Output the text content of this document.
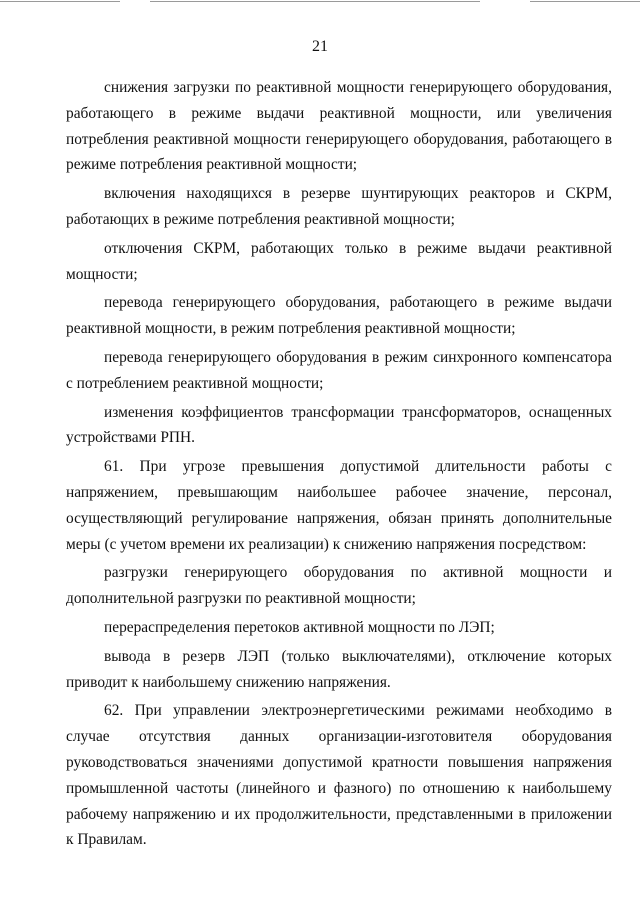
21

снижения загрузки по реактивной мощности генерирующего оборудования, работающего в режиме выдачи реактивной мощности, или увеличения потребления реактивной мощности генерирующего оборудования, работающего в режиме потребления реактивной мощности;

включения находящихся в резерве шунтирующих реакторов и СКРМ, работающих в режиме потребления реактивной мощности;

отключения СКРМ, работающих только в режиме выдачи реактивной мощности;

перевода генерирующего оборудования, работающего в режиме выдачи реактивной мощности, в режим потребления реактивной мощности;

перевода генерирующего оборудования в режим синхронного компенсатора с потреблением реактивной мощности;

изменения коэффициентов трансформации трансформаторов, оснащенных устройствами РПН.

61. При угрозе превышения допустимой длительности работы с напряжением, превышающим наибольшее рабочее значение, персонал, осуществляющий регулирование напряжения, обязан принять дополнительные меры (с учетом времени их реализации) к снижению напряжения посредством:

разгрузки генерирующего оборудования по активной мощности и дополнительной разгрузки по реактивной мощности;

перераспределения перетоков активной мощности по ЛЭП;

вывода в резерв ЛЭП (только выключателями), отключение которых приводит к наибольшему снижению напряжения.

62. При управлении электроэнергетическими режимами необходимо в случае отсутствия данных организации-изготовителя оборудования руководствоваться значениями допустимой кратности повышения напряжения промышленной частоты (линейного и фазного) по отношению к наибольшему рабочему напряжению и их продолжительности, представленными в приложении к Правилам.
